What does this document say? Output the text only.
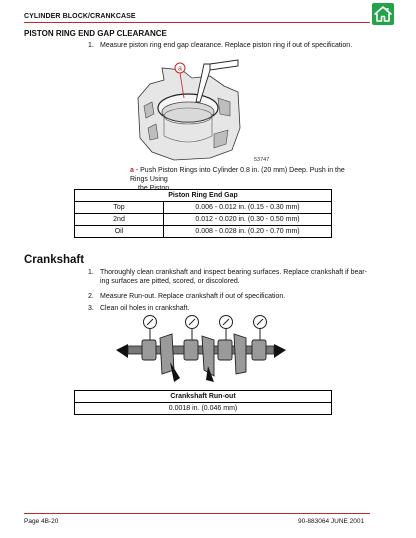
CYLINDER BLOCK/CRANKCASE
PISTON RING END GAP CLEARANCE
1. Measure piston ring end gap clearance. Replace piston ring if out of specification.
a
53747
a - Push Piston Rings into Cylinder 0.8 in. (20 mm) Deep. Push in the Rings Using
the Piston.
Piston Ring End Gap	
Top	0.006 - 0.012 in. (0.15 - 0.30 mm)
2nd	0.012 - 0.020 in. (0.30 - 0.50 mm)
Oil	0.008 - 0.028 in. (0.20 - 0.70 mm)
Crankshaft
1. Thoroughly clean crankshaft and inspect bearing surfaces. Replace crankshaft if bear-
ing surfaces are pitted, scored, or discolored.
2. Measure Run-out. Replace crankshaft if out of specification.
3. Clean oil holes in crankshaft.
Crankshaft Run-out
0.0018 in. (0.046 mm)
Page 4B-20	90-883064 JUNE 2001
